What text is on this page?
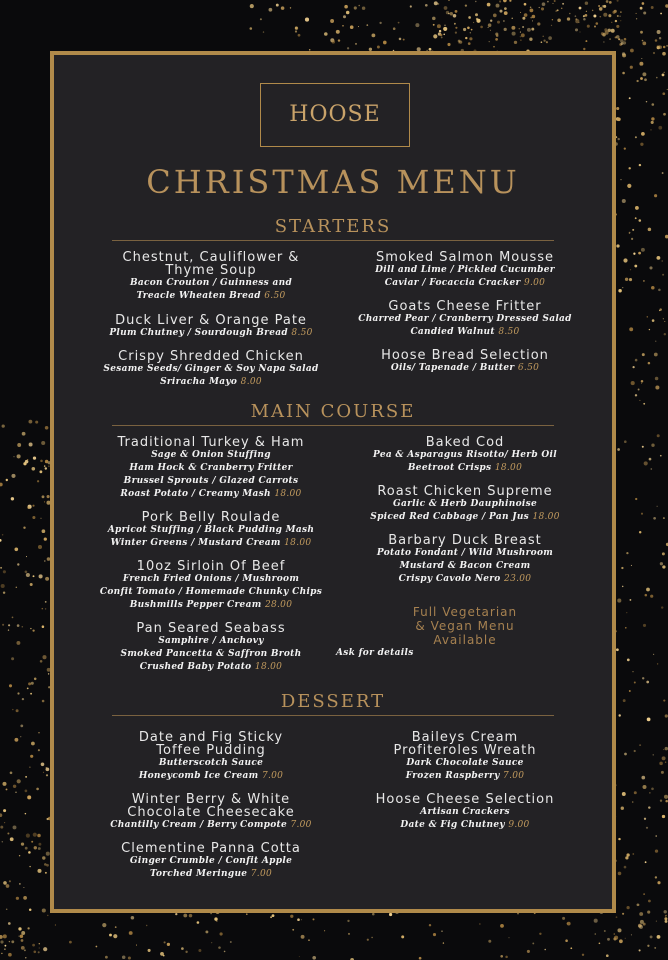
HOOSE
CHRISTMAS MENU
STARTERS
Chestnut, Cauliflower &
Thyme Soup
Bacon Crouton / Guinness and
Treacle Wheaten Bread 6.50
Duck Liver & Orange Pate
Plum Chutney / Sourdough Bread 8.50
Crispy Shredded Chicken
Sesame Seeds/ Ginger & Soy Napa Salad
Sriracha Mayo 8.00
Smoked Salmon Mousse
Dill and Lime / Pickled Cucumber
Caviar / Focaccia Cracker 9.00
Goats Cheese Fritter
Charred Pear / Cranberry Dressed Salad
Candied Walnut 8.50
Hoose Bread Selection
Oils/ Tapenade / Butter 6.50
MAIN COURSE
Traditional Turkey & Ham
Sage & Onion Stuffing
Ham Hock & Cranberry Fritter
Brussel Sprouts / Glazed Carrots
Roast Potato / Creamy Mash 18.00
Pork Belly Roulade
Apricot Stuffing / Black Pudding Mash
Winter Greens / Mustard Cream 18.00
10oz Sirloin Of Beef
French Fried Onions / Mushroom
Confit Tomato / Homemade Chunky Chips
Bushmills Pepper Cream 28.00
Pan Seared Seabass
Samphire / Anchovy
Smoked Pancetta & Saffron Broth
Crushed Baby Potato 18.00
Baked Cod
Pea & Asparagus Risotto/ Herb Oil
Beetroot Crisps 18.00
Roast Chicken Supreme
Garlic & Herb Dauphinoise
Spiced Red Cabbage / Pan Jus 18.00
Barbary Duck Breast
Potato Fondant / Wild Mushroom
Mustard & Bacon Cream
Crispy Cavolo Nero 23.00
Full Vegetarian
& Vegan Menu
Available
Ask for details
DESSERT
Date and Fig Sticky
Toffee Pudding
Butterscotch Sauce
Honeycomb Ice Cream 7.00
Winter Berry & White
Chocolate Cheesecake
Chantilly Cream / Berry Compote 7.00
Clementine Panna Cotta
Ginger Crumble / Confit Apple
Torched Meringue 7.00
Baileys Cream
Profiteroles Wreath
Dark Chocolate Sauce
Frozen Raspberry 7.00
Hoose Cheese Selection
Artisan Crackers
Date & Fig Chutney 9.00
